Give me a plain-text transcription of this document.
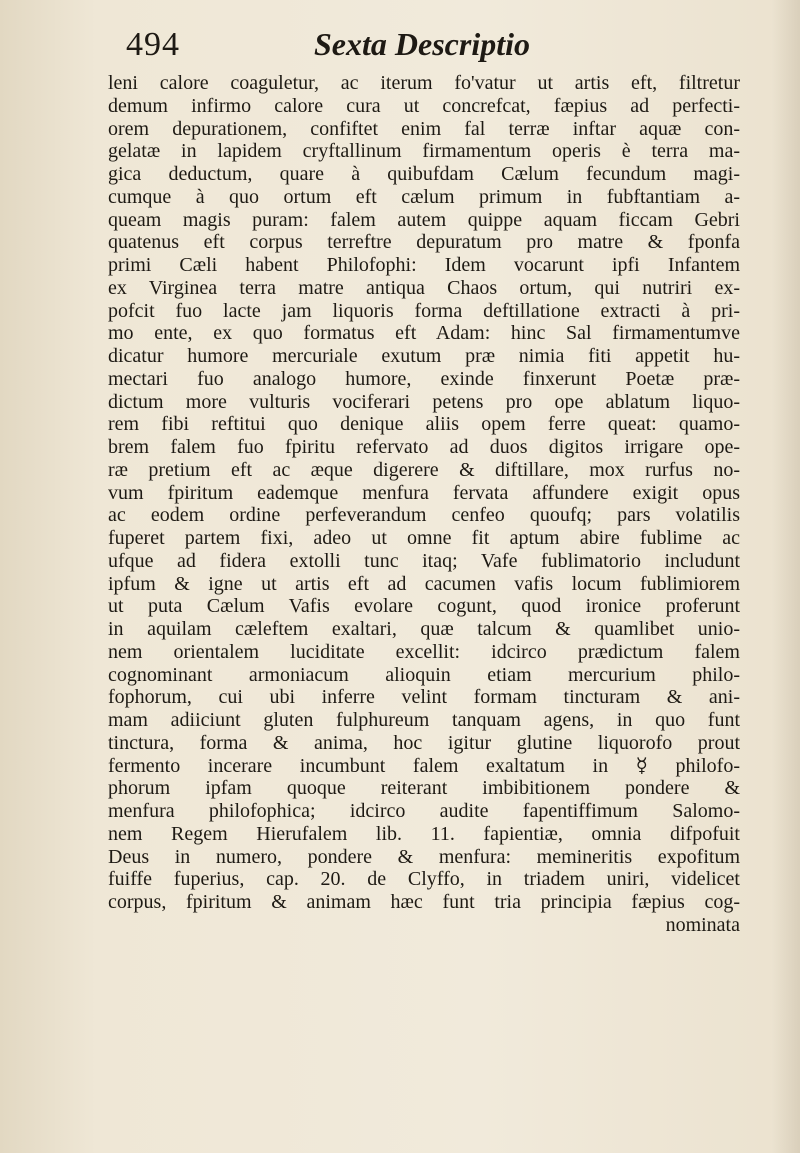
494	Sexta Descriptio
leni calore coaguletur, ac iterum fo'vatur ut artis eft, filtretur
demum infirmo calore cura ut concrefcat, fæpius ad perfecti-
orem depurationem, confiftet enim fal terræ inftar aquæ con-
gelatæ in lapidem cryftallinum firmamentum operis è terra ma-
gica deductum, quare à quibufdam Cælum fecundum magi-
cumque à quo ortum eft cælum primum in fubftantiam a-
queam magis puram: falem autem quippe aquam ficcam Gebri
quatenus eft corpus terreftre depuratum pro matre & fponfa
primi Cæli habent Philofophi: Idem vocarunt ipfi Infantem
ex Virginea terra matre antiqua Chaos ortum, qui nutriri ex-
pofcit fuo lacte jam liquoris forma deftillatione extracti à pri-
mo ente, ex quo formatus eft Adam: hinc Sal firmamentumve
dicatur humore mercuriale exutum præ nimia fiti appetit hu-
mectari fuo analogo humore, exinde finxerunt Poetæ præ-
dictum more vulturis vociferari petens pro ope ablatum liquo-
rem fibi reftitui quo denique aliis opem ferre queat: quamo-
brem falem fuo fpiritu refervato ad duos digitos irrigare ope-
ræ pretium eft ac æque digerere & diftillare, mox rurfus no-
vum fpiritum eademque menfura fervata affundere exigit opus
ac eodem ordine perfeverandum cenfeo quoufq; pars volatilis
fuperet partem fixi, adeo ut omne fit aptum abire fublime ac
ufque ad fidera extolli tunc itaq; Vafe fublimatorio includunt
ipfum & igne ut artis eft ad cacumen vafis locum fublimiorem
ut puta Cælum Vafis evolare cogunt, quod ironice proferunt
in aquilam cæleftem exaltari, quæ talcum & quamlibet unio-
nem orientalem luciditate excellit: idcirco prædictum falem
cognominant armoniacum alioquin etiam mercurium philo-
fophorum, cui ubi inferre velint formam tincturam & ani-
mam adiiciunt gluten fulphureum tanquam agens, in quo funt
tinctura, forma & anima, hoc igitur glutine liquorofo prout
fermento incerare incumbunt falem exaltatum in ☿ philofo-
phorum ipfam quoque reiterant imbibitionem pondere &
menfura philofophica; idcirco audite fapentiffimum Salomo-
nem Regem Hierufalem lib. 11. fapientiæ, omnia difpofuit
Deus in numero, pondere & menfura: memineritis expofitum
fuiffe fuperius, cap. 20. de Clyffo, in triadem uniri, videlicet
corpus, fpiritum & animam hæc funt tria principia fæpius cog-
nominata
